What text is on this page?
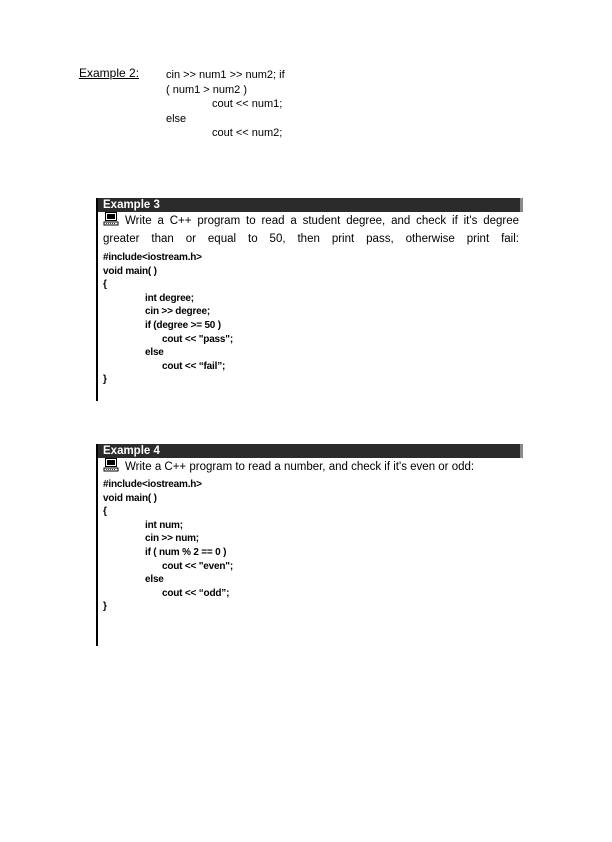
Example 2: cin >> num1 >> num2; if
( num1 > num2 )
cout << num1;
else
cout << num2;
Example 3
Write a C++ program to read a student degree, and check if it's degree greater than or equal to 50, then print pass, otherwise print fail:
#include<iostream.h>
void main( )
{
int degree;
cin >> degree;
if (degree >= 50 )
cout << "pass";
else
cout << “fail”;
}
Example 4
Write a C++ program to read a number, and check if it's even or odd:
#include<iostream.h>
void main( )
{
int num;
cin >> num;
if ( num % 2 == 0 )
cout << "even";
else
cout << “odd”;
}
